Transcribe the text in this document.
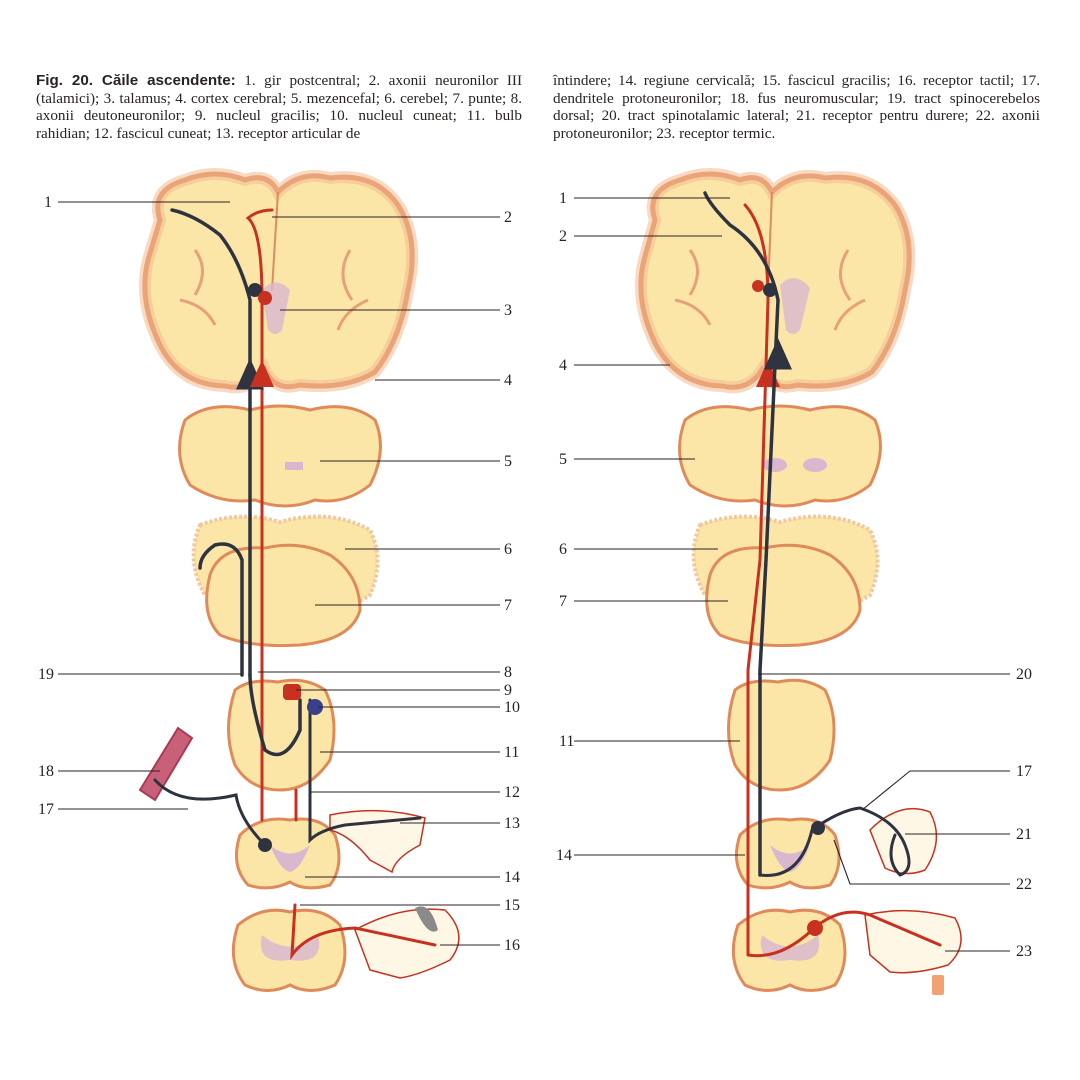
Fig. 20. Căile ascendente: 1. gir postcentral; 2. axonii neuronilor III (talamici); 3. talamus; 4. cortex cerebral; 5. mezencefal; 6. cerebel; 7. punte; 8. axonii deutoneuronilor; 9. nucleul gracilis; 10. nucleul cuneat; 11. bulb rahidian; 12. fascicul cuneat; 13. receptor articular de
întindere; 14. regiune cervicală; 15. fascicul gracilis; 16. receptor tactil; 17. dendritele protoneuronilor; 18. fus neuromuscular; 19. tract spinocerebelos dorsal; 20. tract spinotalamic lateral; 21. receptor pentru durere; 22. axonii protoneuronilor; 23. receptor termic.
1
2
3
4
5
6
7
8
9
10
11
12
13
14
15
16
17
18
19
1
2
4
5
6
7
11
14
17
20
21
22
23
